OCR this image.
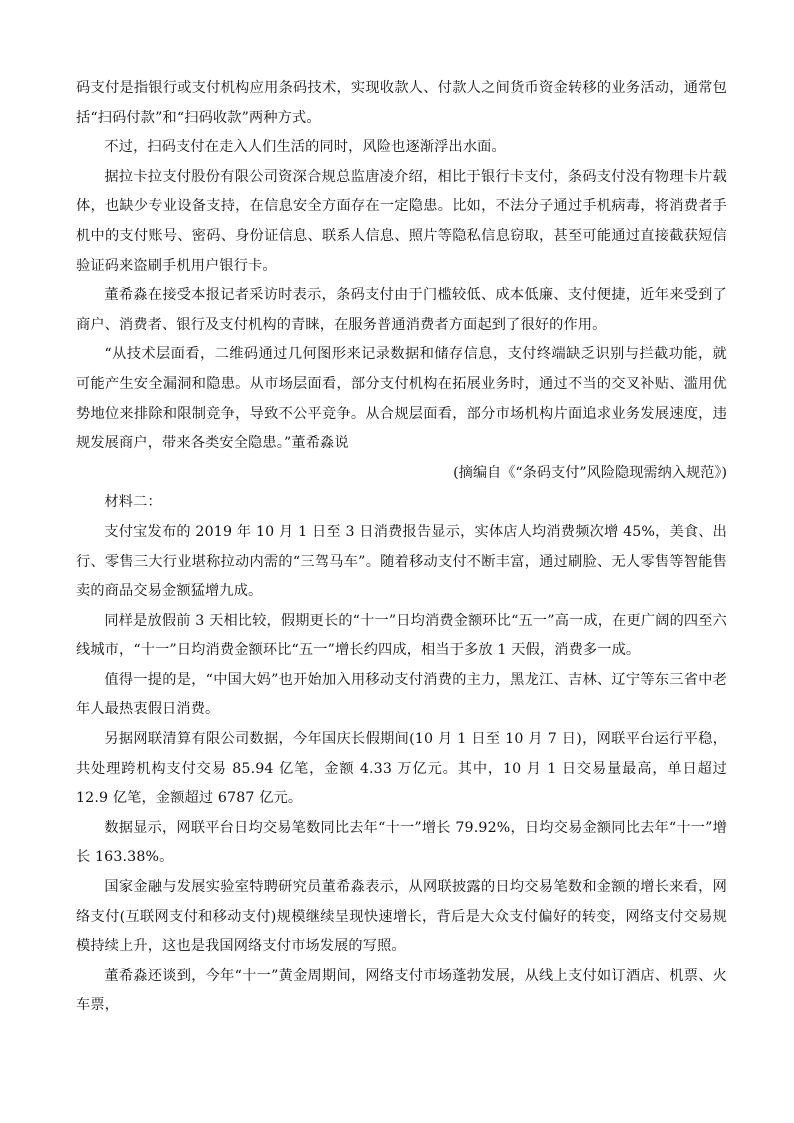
码支付是指银行或支付机构应用条码技术，实现收款人、付款人之间货币资金转移的业务活动，通常包括“扫码付款”和“扫码收款”两种方式。

不过，扫码支付在走入人们生活的同时，风险也逐渐浮出水面。

据拉卡拉支付股份有限公司资深合规总监唐凌介绍，相比于银行卡支付，条码支付没有物理卡片载体，也缺少专业设备支持，在信息安全方面存在一定隐患。比如，不法分子通过手机病毒，将消费者手机中的支付账号、密码、身份证信息、联系人信息、照片等隐私信息窃取，甚至可能通过直接截获短信验证码来盗刷手机用户银行卡。

董希淼在接受本报记者采访时表示，条码支付由于门槛较低、成本低廉、支付便捷，近年来受到了商户、消费者、银行及支付机构的青睐，在服务普通消费者方面起到了很好的作用。

“从技术层面看，二维码通过几何图形来记录数据和储存信息，支付终端缺乏识别与拦截功能，就可能产生安全漏洞和隐患。从市场层面看，部分支付机构在拓展业务时，通过不当的交叉补贴、滥用优势地位来排除和限制竞争，导致不公平竞争。从合规层面看，部分市场机构片面追求业务发展速度，违规发展商户，带来各类安全隐患。”董希淼说

(摘编自《“条码支付”风险隐现需纳入规范》)

材料二：

支付宝发布的 2019 年 10 月 1 日至 3 日消费报告显示，实体店人均消费频次增 45%，美食、出行、零售三大行业堪称拉动内需的“三驾马车”。随着移动支付不断丰富，通过刷脸、无人零售等智能售卖的商品交易金额猛增九成。

同样是放假前 3 天相比较，假期更长的“十一”日均消费金额环比“五一”高一成，在更广阔的四至六线城市，“十一”日均消费金额环比“五一”增长约四成，相当于多放 1 天假，消费多一成。

值得一提的是，“中国大妈”也开始加入用移动支付消费的主力，黑龙江、吉林、辽宁等东三省中老年人最热衷假日消费。

另据网联清算有限公司数据，今年国庆长假期间(10 月 1 日至 10 月 7 日)，网联平台运行平稳，共处理跨机构支付交易 85.94 亿笔，金额 4.33 万亿元。其中，10 月 1 日交易量最高，单日超过 12.9 亿笔，金额超过 6787 亿元。

数据显示，网联平台日均交易笔数同比去年“十一”增长 79.92%，日均交易金额同比去年“十一”增长 163.38%。

国家金融与发展实验室特聘研究员董希淼表示，从网联披露的日均交易笔数和金额的增长来看，网络支付(互联网支付和移动支付)规模继续呈现快速增长，背后是大众支付偏好的转变，网络支付交易规模持续上升，这也是我国网络支付市场发展的写照。

董希淼还谈到，今年“十一”黄金周期间，网络支付市场蓬勃发展，从线上支付如订酒店、机票、火车票，
